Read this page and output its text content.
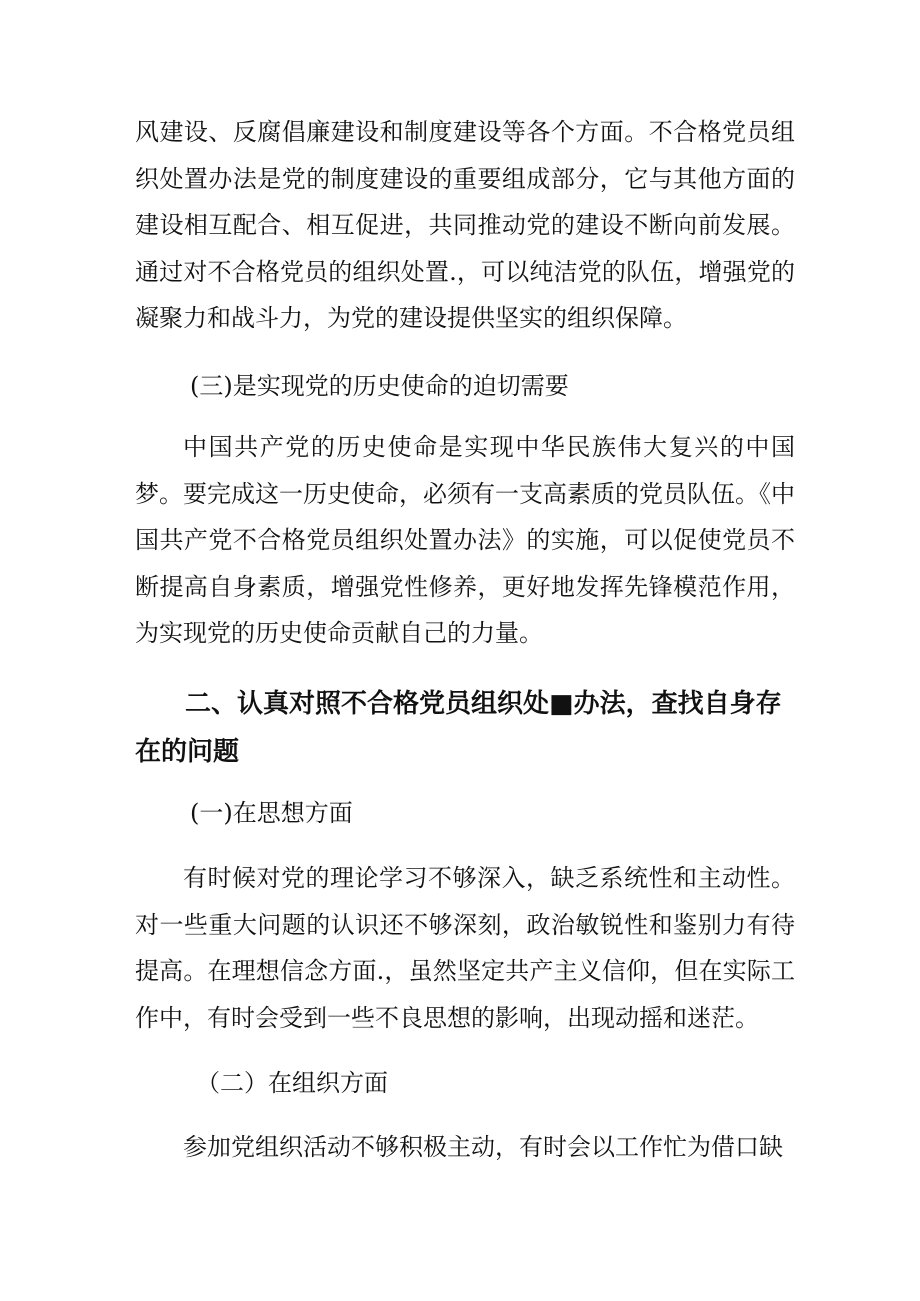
风建设、反腐倡廉建设和制度建设等各个方面。不合格党员组织处置办法是党的制度建设的重要组成部分，它与其他方面的建设相互配合、相互促进，共同推动党的建设不断向前发展。通过对不合格党员的组织处置.，可以纯洁党的队伍，增强党的凝聚力和战斗力，为党的建设提供坚实的组织保障。

(三)是实现党的历史使命的迫切需要

中国共产党的历史使命是实现中华民族伟大复兴的中国梦。要完成这一历史使命，必须有一支高素质的党员队伍。《中国共产党不合格党员组织处置办法》的实施，可以促使党员不断提高自身素质，增强党性修养，更好地发挥先锋模范作用，为实现党的历史使命贡献自己的力量。

二、认真对照不合格党员组织处■办法，查找自身存在的问题

(一)在思想方面

有时候对党的理论学习不够深入，缺乏系统性和主动性。对一些重大问题的认识还不够深刻，政治敏锐性和鉴别力有待提高。在理想信念方面.，虽然坚定共产主义信仰，但在实际工作中，有时会受到一些不良思想的影响，出现动摇和迷茫。

（二）在组织方面

参加党组织活动不够积极主动，有时会以工作忙为借口缺
